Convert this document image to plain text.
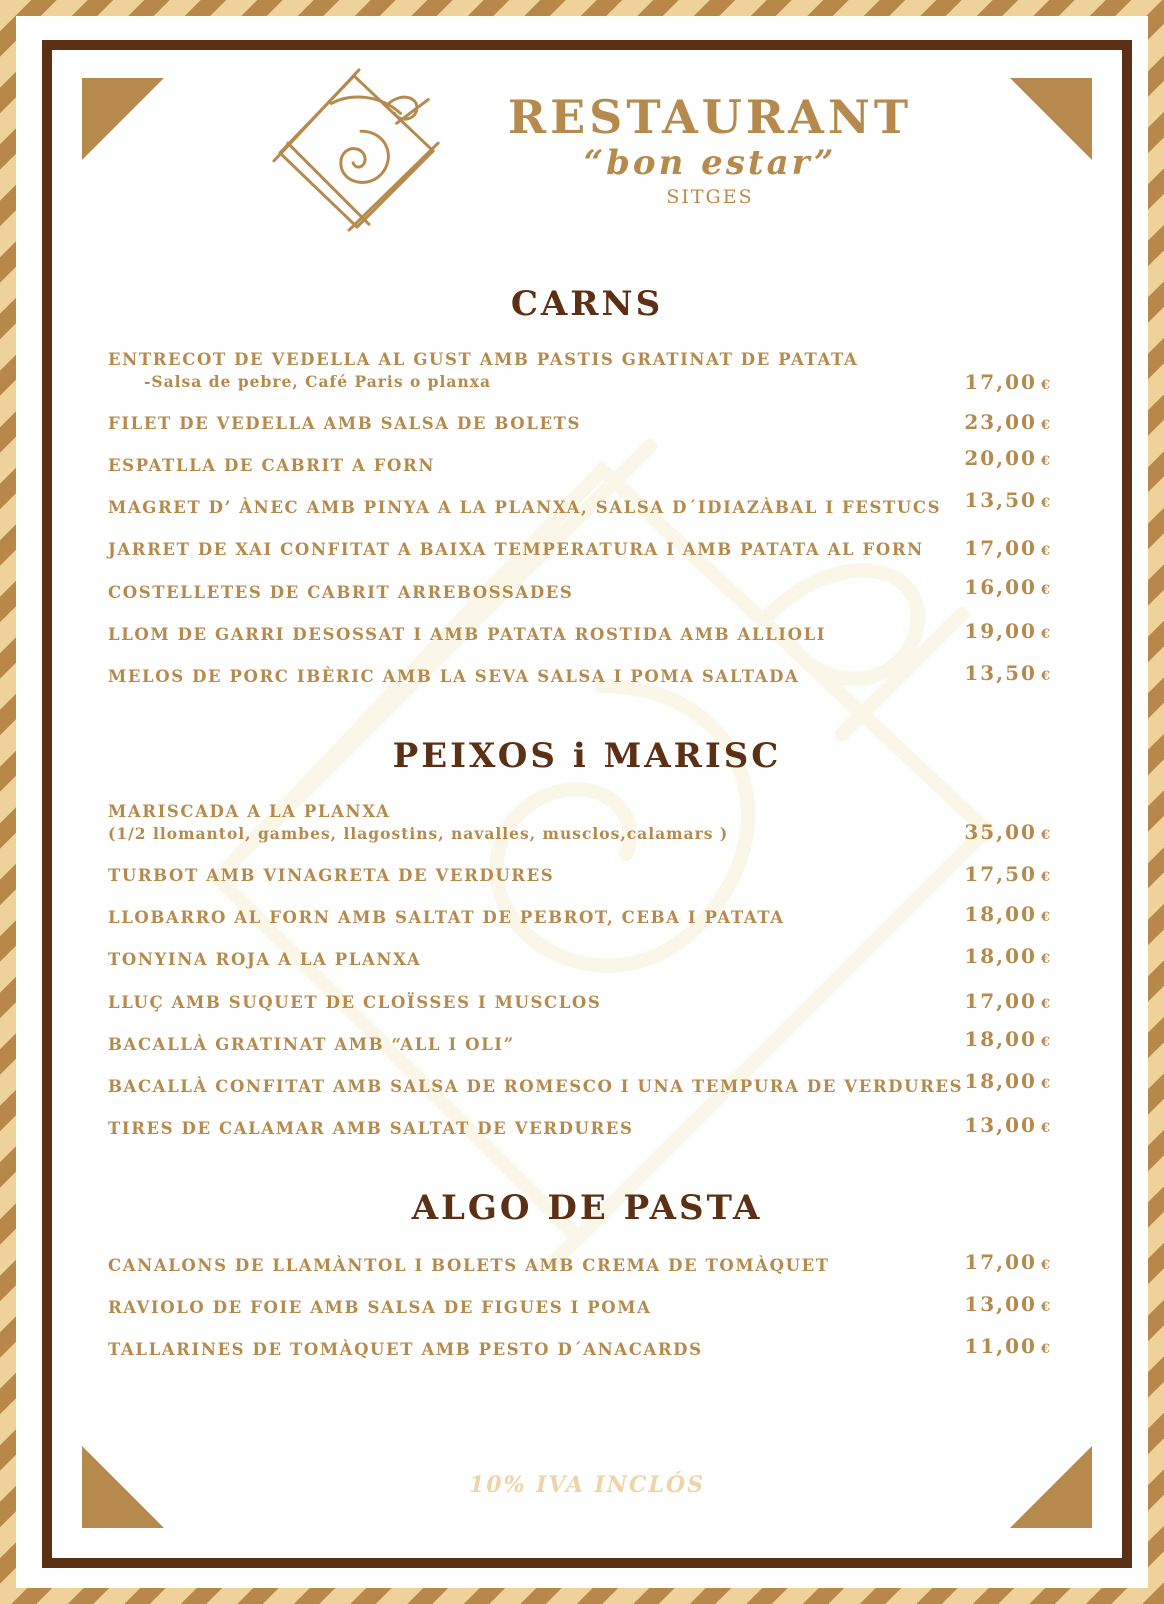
RESTAURANT
“bon estar”
SITGES
CARNS
ENTRECOT DE VEDELLA AL GUST AMB PASTIS GRATINAT DE PATATA
-Salsa de pebre, Café Paris o planxa	17,00 €
FILET DE VEDELLA AMB SALSA DE BOLETS	23,00 €
ESPATLLA DE CABRIT A FORN	20,00 €
MAGRET D’ ÀNEC AMB PINYA A LA PLANXA, SALSA D´IDIAZÀBAL I FESTUCS 13,50 €
JARRET DE XAI CONFITAT A BAIXA TEMPERATURA I AMB PATATA AL FORN 17,00 €
COSTELLETES DE CABRIT ARREBOSSADES	16,00 €
LLOM DE GARRI DESOSSAT I AMB PATATA ROSTIDA AMB ALLIOLI	19,00 €
MELOS DE PORC IBÈRIC AMB LA SEVA SALSA I POMA SALTADA	13,50 €
PEIXOS i MARISC
MARISCADA A LA PLANXA
(1/2 llomantol, gambes, llagostins, navalles, musclos,calamars )	35,00 €
TURBOT AMB VINAGRETA DE VERDURES	17,50 €
LLOBARRO AL FORN AMB SALTAT DE PEBROT, CEBA I PATATA	18,00 €
TONYINA ROJA A LA PLANXA	18,00 €
LLUÇ AMB SUQUET DE CLOÏSSES I MUSCLOS	17,00 €
BACALLÀ GRATINAT AMB “ALL I OLI”	18,00 €
BACALLÀ CONFITAT AMB SALSA DE ROMESCO I UNA TEMPURA DE VERDURES 18,00 €
TIRES DE CALAMAR AMB SALTAT DE VERDURES	13,00 €
ALGO DE PASTA
CANALONS DE LLAMÀNTOL I BOLETS AMB CREMA DE TOMÀQUET	17,00 €
RAVIOLO DE FOIE AMB SALSA DE FIGUES I POMA	13,00 €
TALLARINES DE TOMÀQUET AMB PESTO D´ANACARDS	11,00 €
10% IVA INCLÓS
